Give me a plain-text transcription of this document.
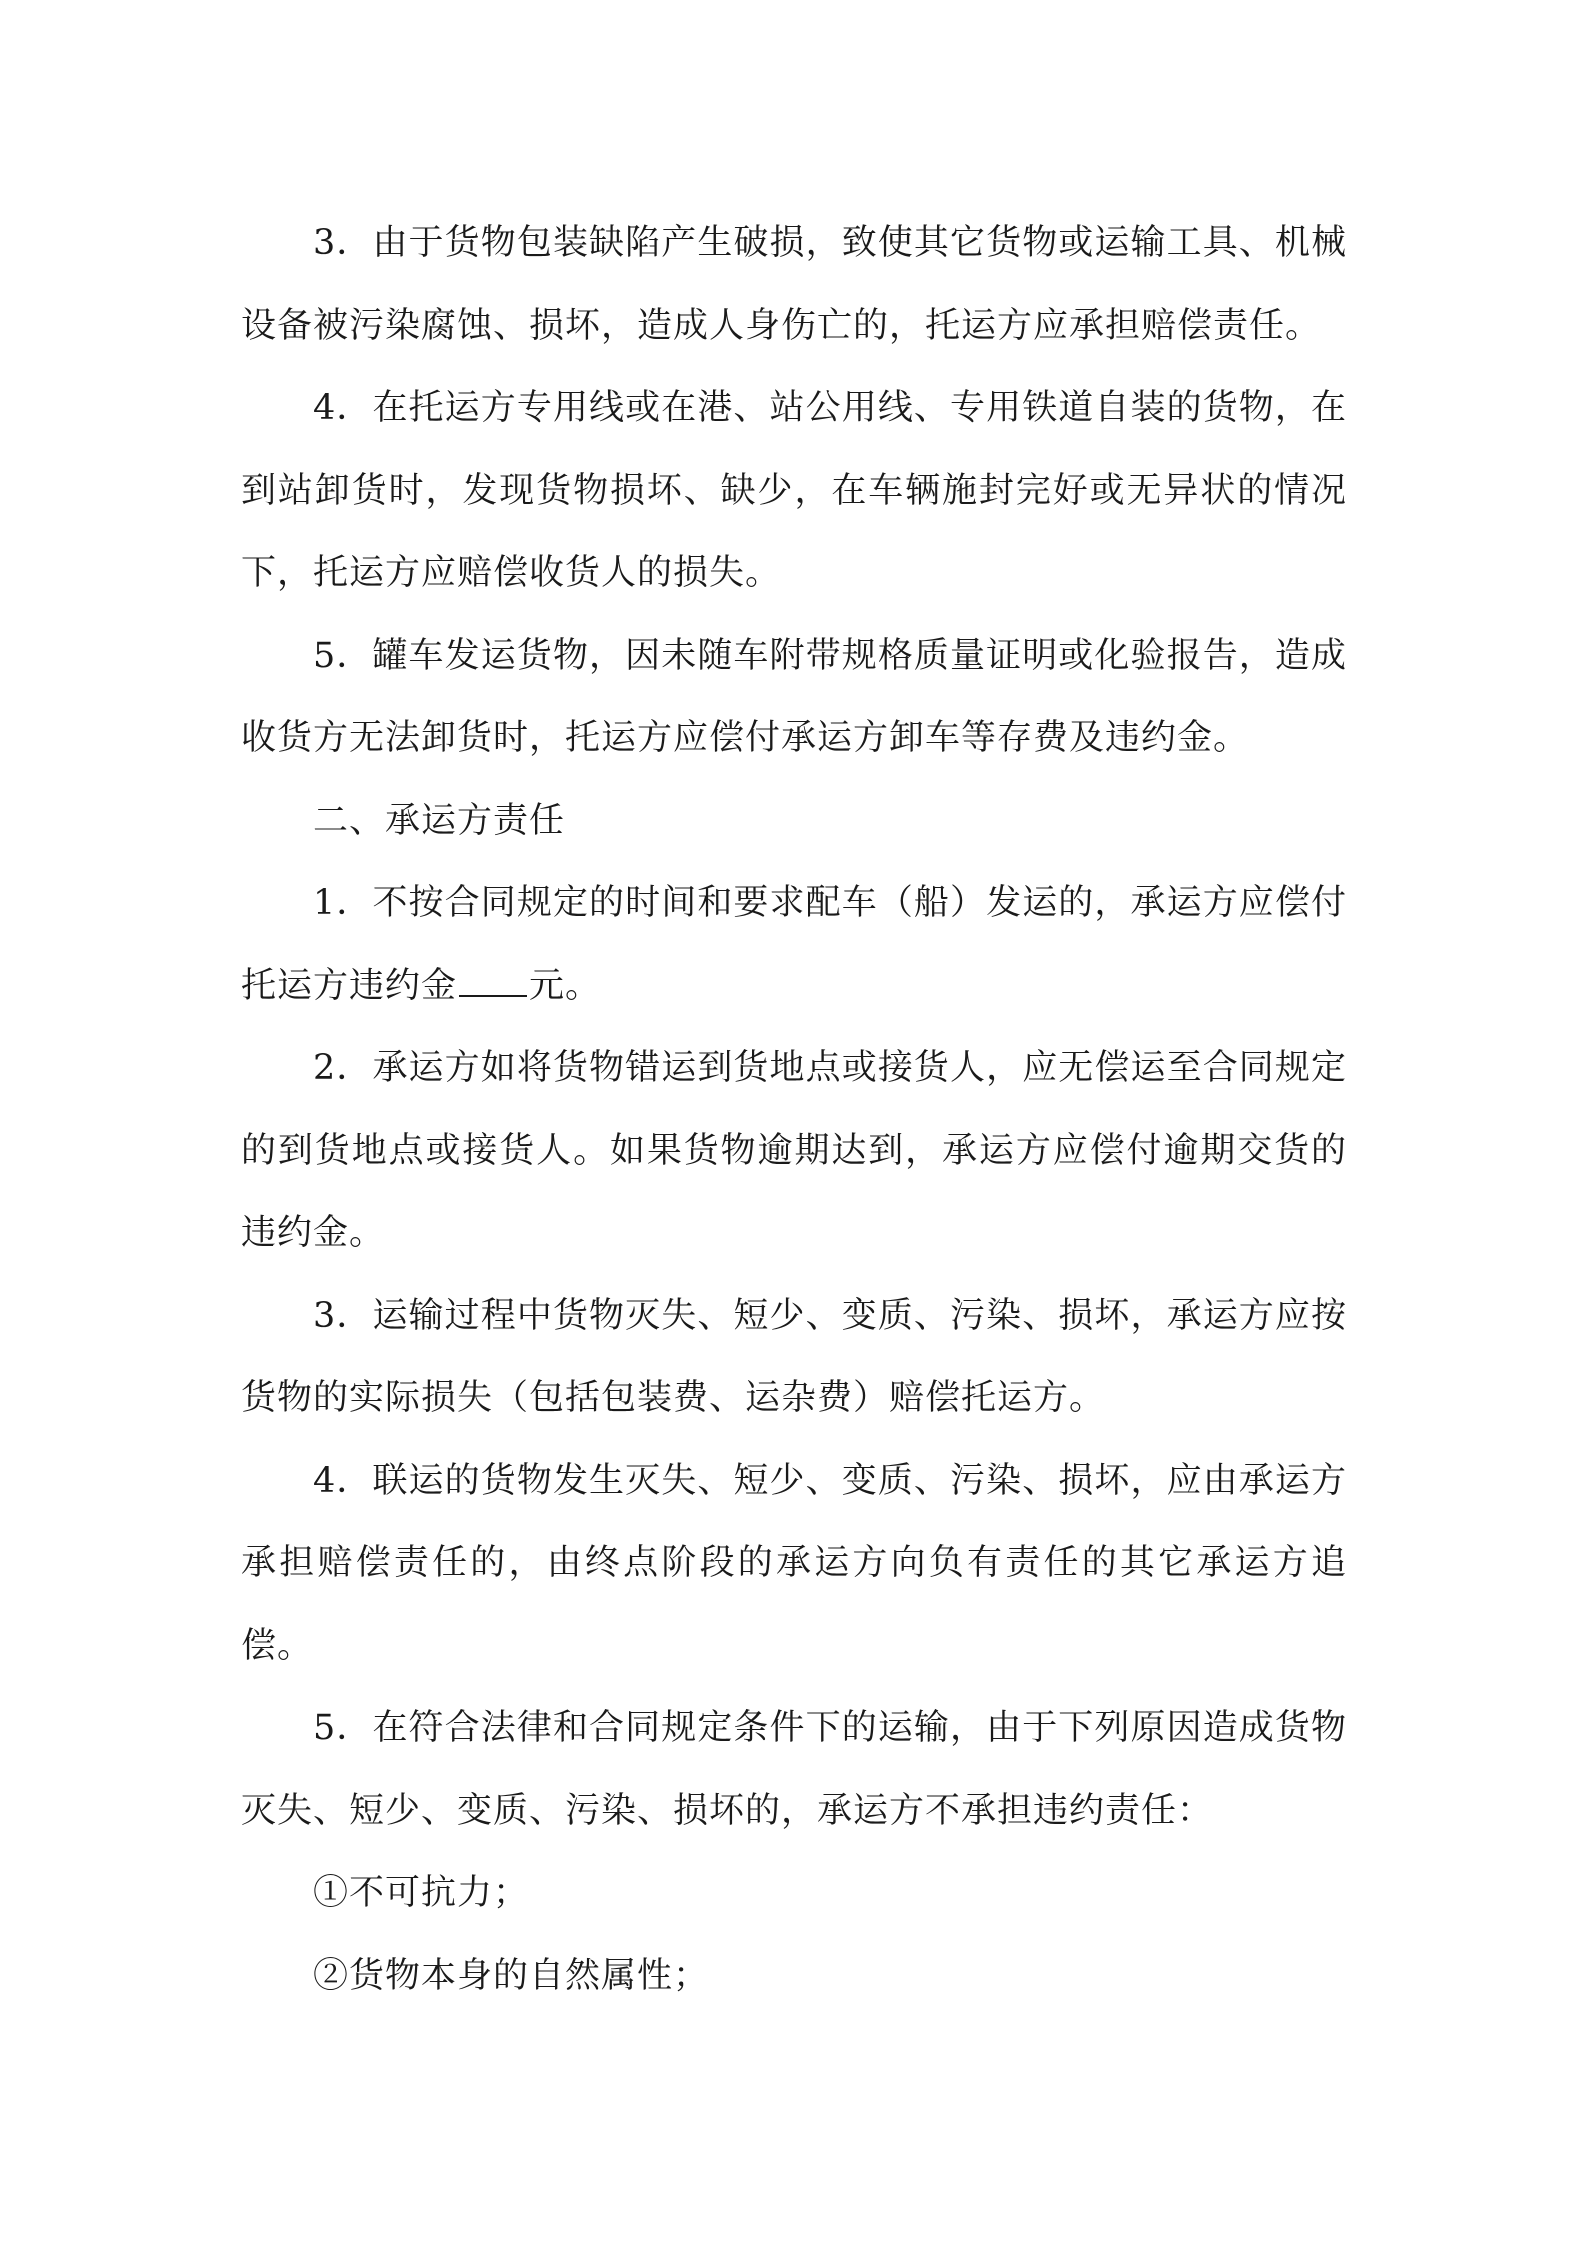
3．由于货物包装缺陷产生破损，致使其它货物或运输工具、机械设备被污染腐蚀、损坏，造成人身伤亡的，托运方应承担赔偿责任。

4．在托运方专用线或在港、站公用线、专用铁道自装的货物，在到站卸货时，发现货物损坏、缺少，在车辆施封完好或无异状的情况下，托运方应赔偿收货人的损失。

5．罐车发运货物，因未随车附带规格质量证明或化验报告，造成收货方无法卸货时，托运方应偿付承运方卸车等存费及违约金。

二、承运方责任

1．不按合同规定的时间和要求配车（船）发运的，承运方应偿付托运方违约金 元。

2．承运方如将货物错运到货地点或接货人，应无偿运至合同规定的到货地点或接货人。如果货物逾期达到，承运方应偿付逾期交货的违约金。

3．运输过程中货物灭失、短少、变质、污染、损坏，承运方应按货物的实际损失（包括包装费、运杂费）赔偿托运方。

4．联运的货物发生灭失、短少、变质、污染、损坏，应由承运方承担赔偿责任的，由终点阶段的承运方向负有责任的其它承运方追偿。

5．在符合法律和合同规定条件下的运输，由于下列原因造成货物灭失、短少、变质、污染、损坏的，承运方不承担违约责任：

①不可抗力；

②货物本身的自然属性；
